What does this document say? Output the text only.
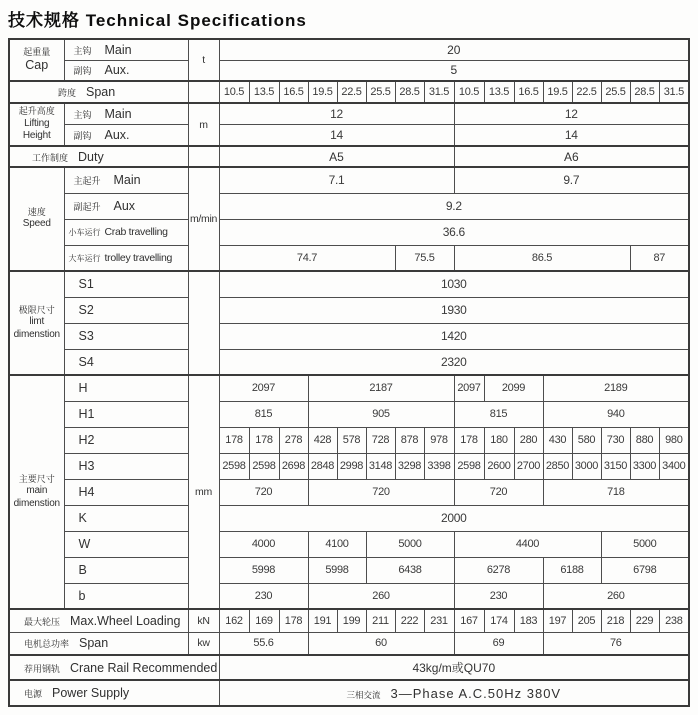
技术规格 Technical Specifications
起重量
Cap	主钩 Main	t	20															
	副钩 Aux.		5															
跨度 Span			10.5	13.5	16.5	19.5	22.5	25.5	28.5	31.5	10.5	13.5	16.5	19.5	22.5	25.5	28.5	31.5

起升高度
Lifting
Height	主钩 Main	m	12								12							
	副钩 Aux.		14								14							
工作制度 Duty			A5								A6							

速度
Speed	主起升 Main	m/min	7.1								9.7							
	副起升 Aux		9.2															
	小车运行 Crab travelling		36.6															
	大车运行 trolley travelling		74.7						75.5		86.5						87	

极限尺寸
limt
dimenstion	S1		1030															
	S2		1930															
	S3		1420															
	S4		2320															

主要尺寸
main
dimenstion	H	mm	2097			2187					2097	2099		2189				
	H1		815			905					815			940				
	H2		178	178	278	428	578	728	878	978	178	180	280	430	580	730	880	980
	H3		2598	2598	2698	2848	2998	3148	3298	3398	2598	2600	2700	2850	3000	3150	3300	3400
	H4		720			720					720			718				
	K		2000															
	W		4000			4100		5000			4400					5000		
	B		5998			5998		6438			6278			6188		6798		
	b		230			260					230			260				
最大轮压 Max.Wheel Loading		kN	162	169	178	191	199	211	222	231	167	174	183	197	205	218	229	238
电机总功率 Span		kw	55.6			60					69			76				
荐用钢轨 Crane Rail Recommended			43kg/m或QU70															
电源 Power Supply			三相交流 3—Phase A.C.50Hz 380V															
